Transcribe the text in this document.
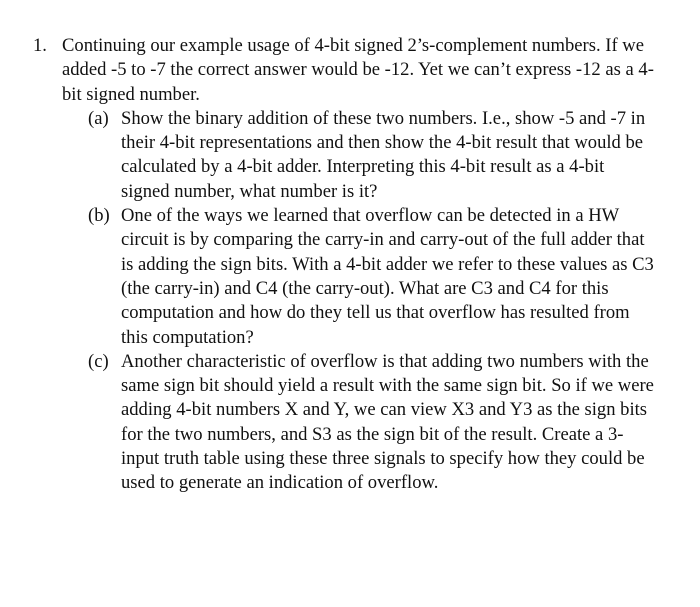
1. Continuing our example usage of 4-bit signed 2’s-complement numbers. If we added -5 to -7 the correct answer would be -12. Yet we can’t express -12 as a 4-bit signed number.
(a) Show the binary addition of these two numbers. I.e., show -5 and -7 in their 4-bit representations and then show the 4-bit result that would be calculated by a 4-bit adder. Interpreting this 4-bit result as a 4-bit signed number, what number is it?
(b) One of the ways we learned that overflow can be detected in a HW circuit is by comparing the carry-in and carry-out of the full adder that is adding the sign bits. With a 4-bit adder we refer to these values as C3 (the carry-in) and C4 (the carry-out). What are C3 and C4 for this computation and how do they tell us that overflow has resulted from this computation?
(c) Another characteristic of overflow is that adding two numbers with the same sign bit should yield a result with the same sign bit. So if we were adding 4-bit numbers X and Y, we can view X3 and Y3 as the sign bits for the two numbers, and S3 as the sign bit of the result. Create a 3-input truth table using these three signals to specify how they could be used to generate an indication of overflow.
